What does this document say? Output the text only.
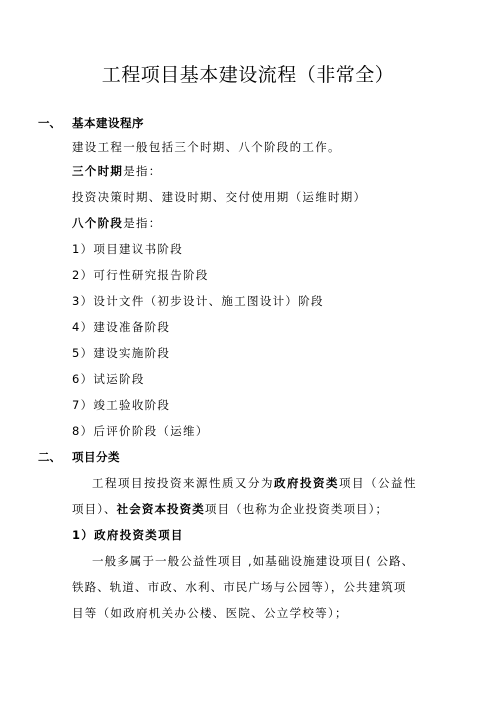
工程项目基本建设流程（非常全）
一、 基本建设程序
建设工程一般包括三个时期、八个阶段的工作。
三个时期是指：
投资决策时期、建设时期、交付使用期（运维时期）
八个阶段是指：
1）项目建议书阶段
2）可行性研究报告阶段
3）设计文件（初步设计、施工图设计）阶段
4）建设准备阶段
5）建设实施阶段
6）试运阶段
7）竣工验收阶段
8）后评价阶段（运维）
二、 项目分类
工程项目按投资来源性质又分为政府投资类项目（公益性
项目）、社会资本投资类项目（也称为企业投资类项目）；
1）政府投资类项目
一般多属于一般公益性项目 ,如基础设施建设项目( 公路、
铁路、轨道、市政、水利、市民广场与公园等），公共建筑项
目等（如政府机关办公楼、医院、公立学校等）；
